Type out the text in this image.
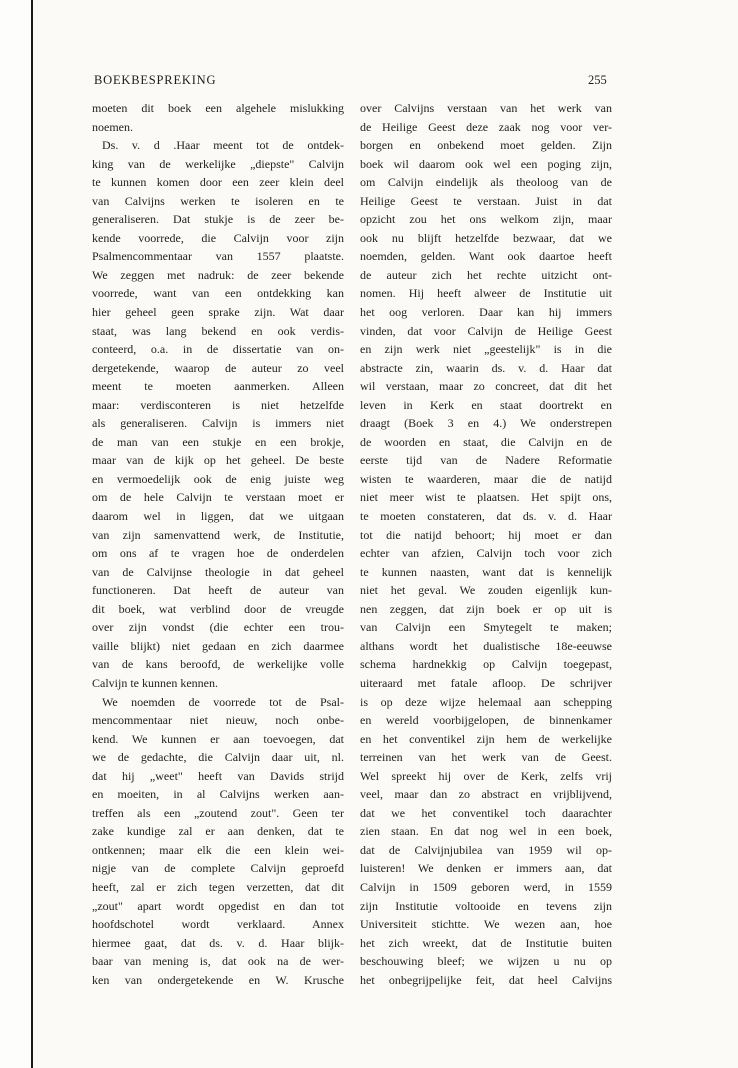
BOEKBESPREKING	255
moeten dit boek een algehele mislukking
noemen.
Ds. v. d .Haar meent tot de ontdek-
king van de werkelijke „diepste" Calvijn
te kunnen komen door een zeer klein deel
van Calvijns werken te isoleren en te
generaliseren. Dat stukje is de zeer be-
kende voorrede, die Calvijn voor zijn
Psalmencommentaar van 1557 plaatste.
We zeggen met nadruk: de zeer bekende
voorrede, want van een ontdekking kan
hier geheel geen sprake zijn. Wat daar
staat, was lang bekend en ook verdis-
conteerd, o.a. in de dissertatie van on-
dergetekende, waarop de auteur zo veel
meent te moeten aanmerken. Alleen
maar: verdisconteren is niet hetzelfde
als generaliseren. Calvijn is immers niet
de man van een stukje en een brokje,
maar van de kijk op het geheel. De beste
en vermoedelijk ook de enig juiste weg
om de hele Calvijn te verstaan moet er
daarom wel in liggen, dat we uitgaan
van zijn samenvattend werk, de Institutie,
om ons af te vragen hoe de onderdelen
van de Calvijnse theologie in dat geheel
functioneren. Dat heeft de auteur van
dit boek, wat verblind door de vreugde
over zijn vondst (die echter een trou-
vaille blijkt) niet gedaan en zich daarmee
van de kans beroofd, de werkelijke volle
Calvijn te kunnen kennen.
We noemden de voorrede tot de Psal-
mencommentaar niet nieuw, noch onbe-
kend. We kunnen er aan toevoegen, dat
we de gedachte, die Calvijn daar uit, nl.
dat hij „weet" heeft van Davids strijd
en moeiten, in al Calvijns werken aan-
treffen als een „zoutend zout". Geen ter
zake kundige zal er aan denken, dat te
ontkennen; maar elk die een klein wei-
nigje van de complete Calvijn geproefd
heeft, zal er zich tegen verzetten, dat dit
„zout" apart wordt opgedist en dan tot
hoofdschotel wordt verklaard. Annex
hiermee gaat, dat ds. v. d. Haar blijk-
baar van mening is, dat ook na de wer-
ken van ondergetekende en W. Krusche
over Calvijns verstaan van het werk van
de Heilige Geest deze zaak nog voor ver-
borgen en onbekend moet gelden. Zijn
boek wil daarom ook wel een poging zijn,
om Calvijn eindelijk als theoloog van de
Heilige Geest te verstaan. Juist in dat
opzicht zou het ons welkom zijn, maar
ook nu blijft hetzelfde bezwaar, dat we
noemden, gelden. Want ook daartoe heeft
de auteur zich het rechte uitzicht ont-
nomen. Hij heeft alweer de Institutie uit
het oog verloren. Daar kan hij immers
vinden, dat voor Calvijn de Heilige Geest
en zijn werk niet „geestelijk" is in die
abstracte zin, waarin ds. v. d. Haar dat
wil verstaan, maar zo concreet, dat dit het
leven in Kerk en staat doortrekt en
draagt (Boek 3 en 4.) We onderstrepen
de woorden en staat, die Calvijn en de
eerste tijd van de Nadere Reformatie
wisten te waarderen, maar die de natijd
niet meer wist te plaatsen. Het spijt ons,
te moeten constateren, dat ds. v. d. Haar
tot die natijd behoort; hij moet er dan
echter van afzien, Calvijn toch voor zich
te kunnen naasten, want dat is kennelijk
niet het geval. We zouden eigenlijk kun-
nen zeggen, dat zijn boek er op uit is
van Calvijn een Smytegelt te maken;
althans wordt het dualistische 18e-eeuwse
schema hardnekkig op Calvijn toegepast,
uiteraard met fatale afloop. De schrijver
is op deze wijze helemaal aan schepping
en wereld voorbijgelopen, de binnenkamer
en het conventikel zijn hem de werkelijke
terreinen van het werk van de Geest.
Wel spreekt hij over de Kerk, zelfs vrij
veel, maar dan zo abstract en vrijblijvend,
dat we het conventikel toch daarachter
zien staan. En dat nog wel in een boek,
dat de Calvijnjubilea van 1959 wil op-
luisteren! We denken er immers aan, dat
Calvijn in 1509 geboren werd, in 1559
zijn Institutie voltooide en tevens zijn
Universiteit stichtte. We wezen aan, hoe
het zich wreekt, dat de Institutie buiten
beschouwing bleef; we wijzen u nu op
het onbegrijpelijke feit, dat heel Calvijns
